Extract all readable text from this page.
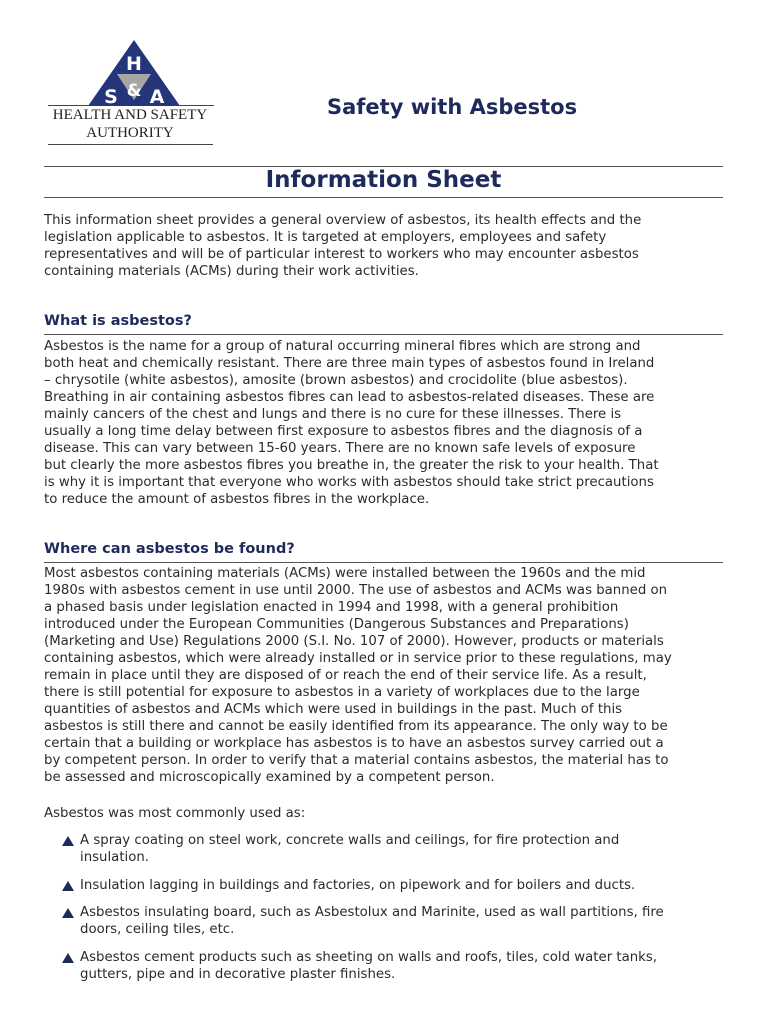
H
&
S A
HEALTH AND SAFETY
AUTHORITY
Safety with Asbestos
Information Sheet
This information sheet provides a general overview of asbestos, its health effects and the
legislation applicable to asbestos. It is targeted at employers, employees and safety
representatives and will be of particular interest to workers who may encounter asbestos
containing materials (ACMs) during their work activities.
What is asbestos?
Asbestos is the name for a group of natural occurring mineral fibres which are strong and
both heat and chemically resistant. There are three main types of asbestos found in Ireland
– chrysotile (white asbestos), amosite (brown asbestos) and crocidolite (blue asbestos).
Breathing in air containing asbestos fibres can lead to asbestos-related diseases. These are
mainly cancers of the chest and lungs and there is no cure for these illnesses. There is
usually a long time delay between first exposure to asbestos fibres and the diagnosis of a
disease. This can vary between 15-60 years. There are no known safe levels of exposure
but clearly the more asbestos fibres you breathe in, the greater the risk to your health. That
is why it is important that everyone who works with asbestos should take strict precautions
to reduce the amount of asbestos fibres in the workplace.
Where can asbestos be found?
Most asbestos containing materials (ACMs) were installed between the 1960s and the mid
1980s with asbestos cement in use until 2000. The use of asbestos and ACMs was banned on
a phased basis under legislation enacted in 1994 and 1998, with a general prohibition
introduced under the European Communities (Dangerous Substances and Preparations)
(Marketing and Use) Regulations 2000 (S.I. No. 107 of 2000). However, products or materials
containing asbestos, which were already installed or in service prior to these regulations, may
remain in place until they are disposed of or reach the end of their service life. As a result,
there is still potential for exposure to asbestos in a variety of workplaces due to the large
quantities of asbestos and ACMs which were used in buildings in the past. Much of this
asbestos is still there and cannot be easily identified from its appearance. The only way to be
certain that a building or workplace has asbestos is to have an asbestos survey carried out a
by competent person. In order to verify that a material contains asbestos, the material has to
be assessed and microscopically examined by a competent person.
Asbestos was most commonly used as:
A spray coating on steel work, concrete walls and ceilings, for fire protection and
insulation.
Insulation lagging in buildings and factories, on pipework and for boilers and ducts.
Asbestos insulating board, such as Asbestolux and Marinite, used as wall partitions, fire
doors, ceiling tiles, etc.
Asbestos cement products such as sheeting on walls and roofs, tiles, cold water tanks,
gutters, pipe and in decorative plaster finishes.
